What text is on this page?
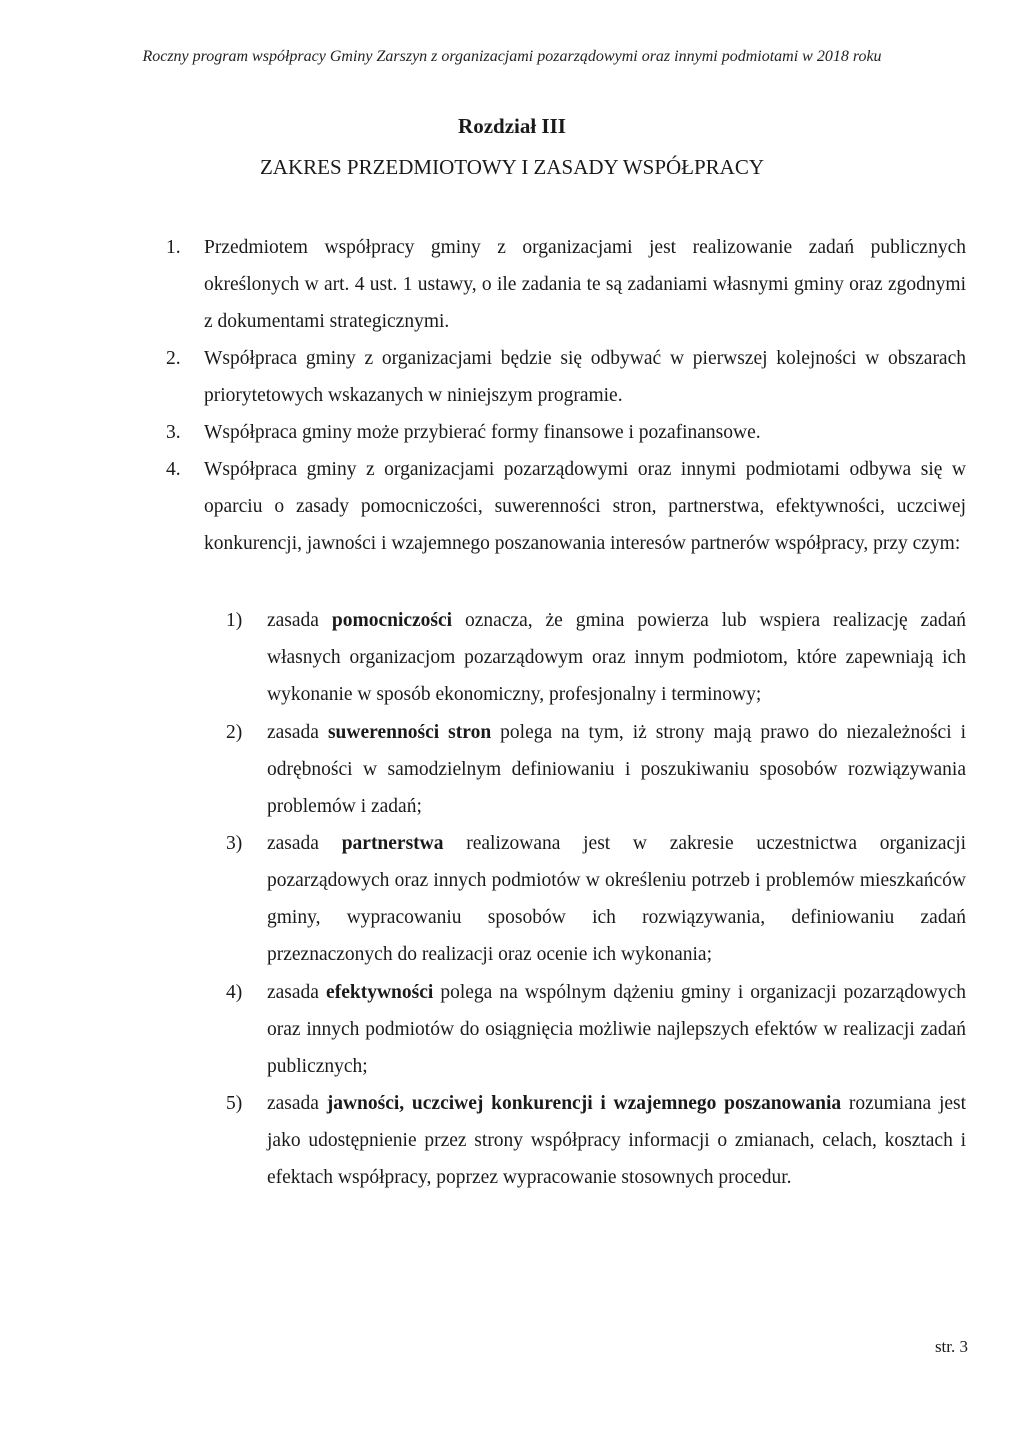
Roczny program współpracy Gminy Zarszyn z organizacjami pozarządowymi oraz innymi podmiotami w 2018 roku
Rozdział III
ZAKRES PRZEDMIOTOWY I ZASADY WSPÓŁPRACY
1. Przedmiotem współpracy gminy z organizacjami jest realizowanie zadań publicznych określonych w art. 4 ust. 1 ustawy, o ile zadania te są zadaniami własnymi gminy oraz zgodnymi z dokumentami strategicznymi.
2. Współpraca gminy z organizacjami będzie się odbywać w pierwszej kolejności w obszarach priorytetowych wskazanych w niniejszym programie.
3. Współpraca gminy może przybierać formy finansowe i pozafinansowe.
4. Współpraca gminy z organizacjami pozarządowymi oraz innymi podmiotami odbywa się w oparciu o zasady pomocniczości, suwerenności stron, partnerstwa, efektywności, uczciwej konkurencji, jawności i wzajemnego poszanowania interesów partnerów współpracy, przy czym:
1) zasada pomocniczości oznacza, że gmina powierza lub wspiera realizację zadań własnych organizacjom pozarządowym oraz innym podmiotom, które zapewniają ich wykonanie w sposób ekonomiczny, profesjonalny i terminowy;
2) zasada suwerenności stron polega na tym, iż strony mają prawo do niezależności i odrębności w samodzielnym definiowaniu i poszukiwaniu sposobów rozwiązywania problemów i zadań;
3) zasada partnerstwa realizowana jest w zakresie uczestnictwa organizacji pozarządowych oraz innych podmiotów w określeniu potrzeb i problemów mieszkańców gminy, wypracowaniu sposobów ich rozwiązywania, definiowaniu zadań przeznaczonych do realizacji oraz ocenie ich wykonania;
4) zasada efektywności polega na wspólnym dążeniu gminy i organizacji pozarządowych oraz innych podmiotów do osiągnięcia możliwie najlepszych efektów w realizacji zadań publicznych;
5) zasada jawności, uczciwej konkurencji i wzajemnego poszanowania rozumiana jest jako udostępnienie przez strony współpracy informacji o zmianach, celach, kosztach i efektach współpracy, poprzez wypracowanie stosownych procedur.
str. 3
